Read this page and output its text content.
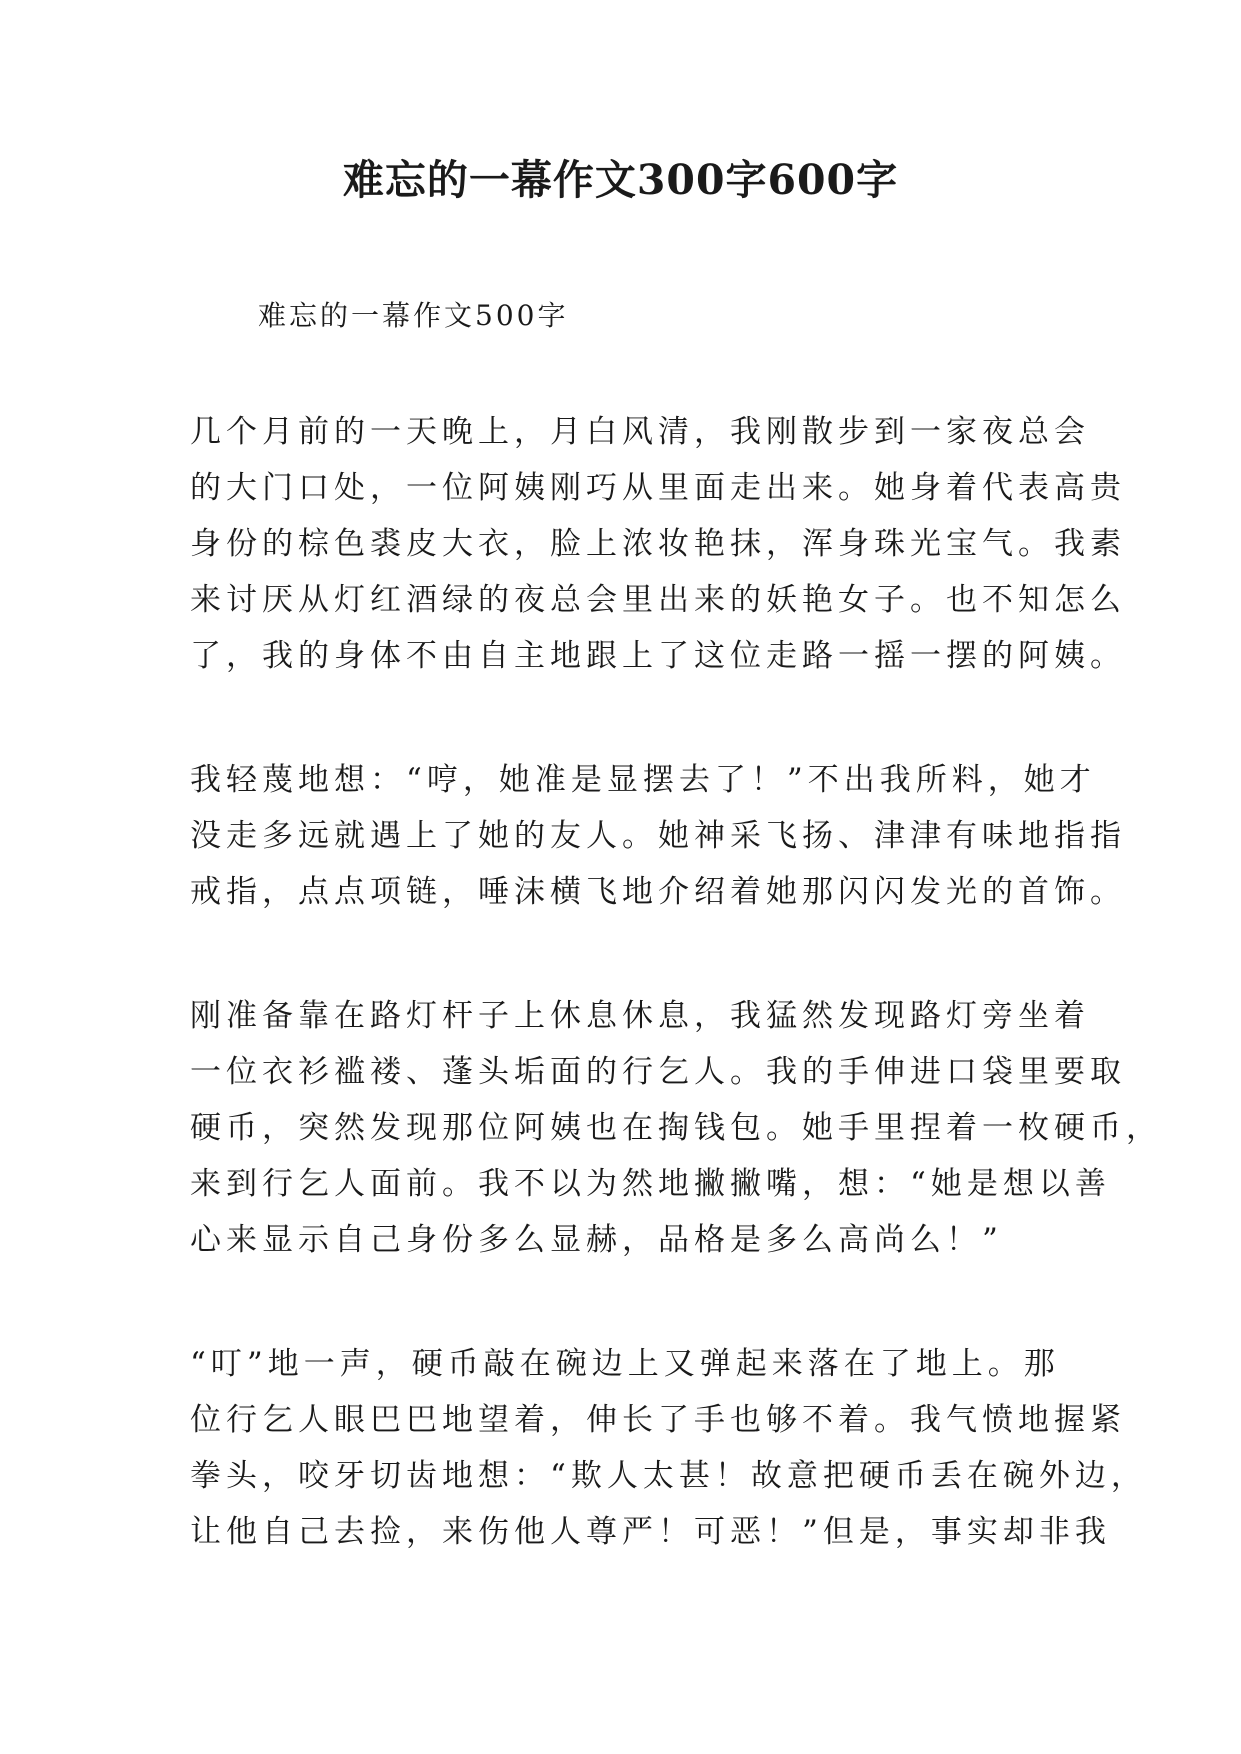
难忘的一幕作文300字600字
难忘的一幕作文500字
几个月前的一天晚上，月白风清，我刚散步到一家夜总会
的大门口处，一位阿姨刚巧从里面走出来。她身着代表高贵
身份的棕色裘皮大衣，脸上浓妆艳抹，浑身珠光宝气。我素
来讨厌从灯红酒绿的夜总会里出来的妖艳女子。也不知怎么
了，我的身体不由自主地跟上了这位走路一摇一摆的阿姨。
我轻蔑地想：“哼，她准是显摆去了！”不出我所料，她才
没走多远就遇上了她的友人。她神采飞扬、津津有味地指指
戒指，点点项链，唾沫横飞地介绍着她那闪闪发光的首饰。
刚准备靠在路灯杆子上休息休息，我猛然发现路灯旁坐着
一位衣衫褴褛、蓬头垢面的行乞人。我的手伸进口袋里要取
硬币，突然发现那位阿姨也在掏钱包。她手里捏着一枚硬币，
来到行乞人面前。我不以为然地撇撇嘴，想：“她是想以善
心来显示自己身份多么显赫，品格是多么高尚么！”
“叮”地一声，硬币敲在碗边上又弹起来落在了地上。那
位行乞人眼巴巴地望着，伸长了手也够不着。我气愤地握紧
拳头，咬牙切齿地想：“欺人太甚！故意把硬币丢在碗外边，
让他自己去捡，来伤他人尊严！可恶！”但是，事实却非我
